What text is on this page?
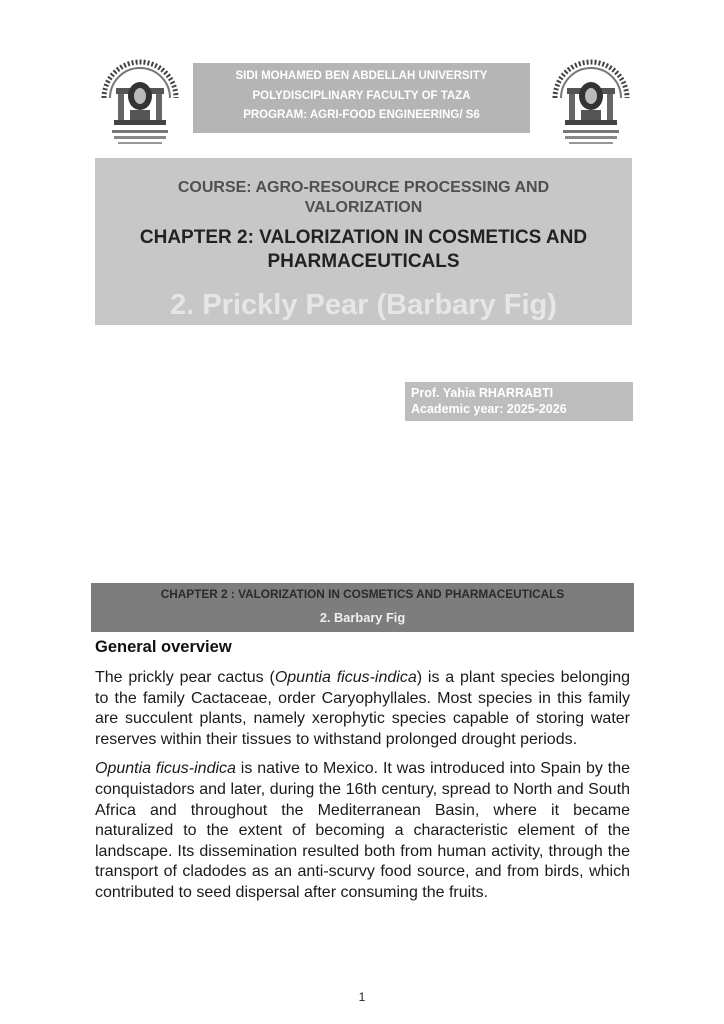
SIDI MOHAMED BEN ABDELLAH UNIVERSITY
POLYDISCIPLINARY FACULTY OF TAZA
PROGRAM: AGRI-FOOD ENGINEERING/ S6
COURSE: AGRO-RESOURCE PROCESSING AND VALORIZATION
CHAPTER 2: VALORIZATION IN COSMETICS AND PHARMACEUTICALS
2. Prickly Pear (Barbary Fig)
Prof. Yahia RHARRABTI
Academic year: 2025-2026
CHAPTER 2 : VALORIZATION IN COSMETICS AND PHARMACEUTICALS
2. Barbary Fig
General overview

The prickly pear cactus (Opuntia ficus-indica) is a plant species belonging to the family Cactaceae, order Caryophyllales. Most species in this family are succulent plants, namely xerophytic species capable of storing water reserves within their tissues to withstand prolonged drought periods.

Opuntia ficus-indica is native to Mexico. It was introduced into Spain by the conquistadors and later, during the 16th century, spread to North and South Africa and throughout the Mediterranean Basin, where it became naturalized to the extent of becoming a characteristic element of the landscape. Its dissemination resulted both from human activity, through the transport of cladodes as an anti-scurvy food source, and from birds, which contributed to seed dispersal after consuming the fruits.

1
